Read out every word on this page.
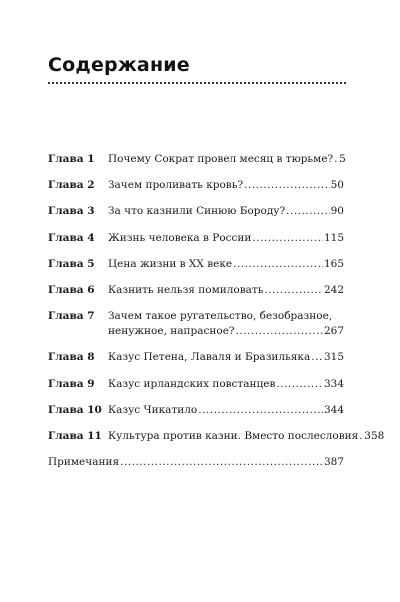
Содержание
Глава 1	Почему Сократ провел месяц в тюрьме? ..... 5
Глава 2	Зачем проливать кровь? .....	50
Глава 3	За что казнили Синюю Бороду? .....	90
Глава 4	Жизнь человека в России .....	115
Глава 5	Цена жизни в XX веке .....	165
Глава 6	Казнить нельзя помиловать .....	242
Глава 7	Зачем такое ругательство, безобразное,
ненужное, напрасное? .....	267
Глава 8	Казус Петена, Лаваля и Бразильяка ..... 315
Глава 9	Казус ирландских повстанцев .....	334
Глава 10 Казус Чикатило .....	344
Глава 11 Культура против казни. Вместо послесловия ..... 358
Примечания .....	387
